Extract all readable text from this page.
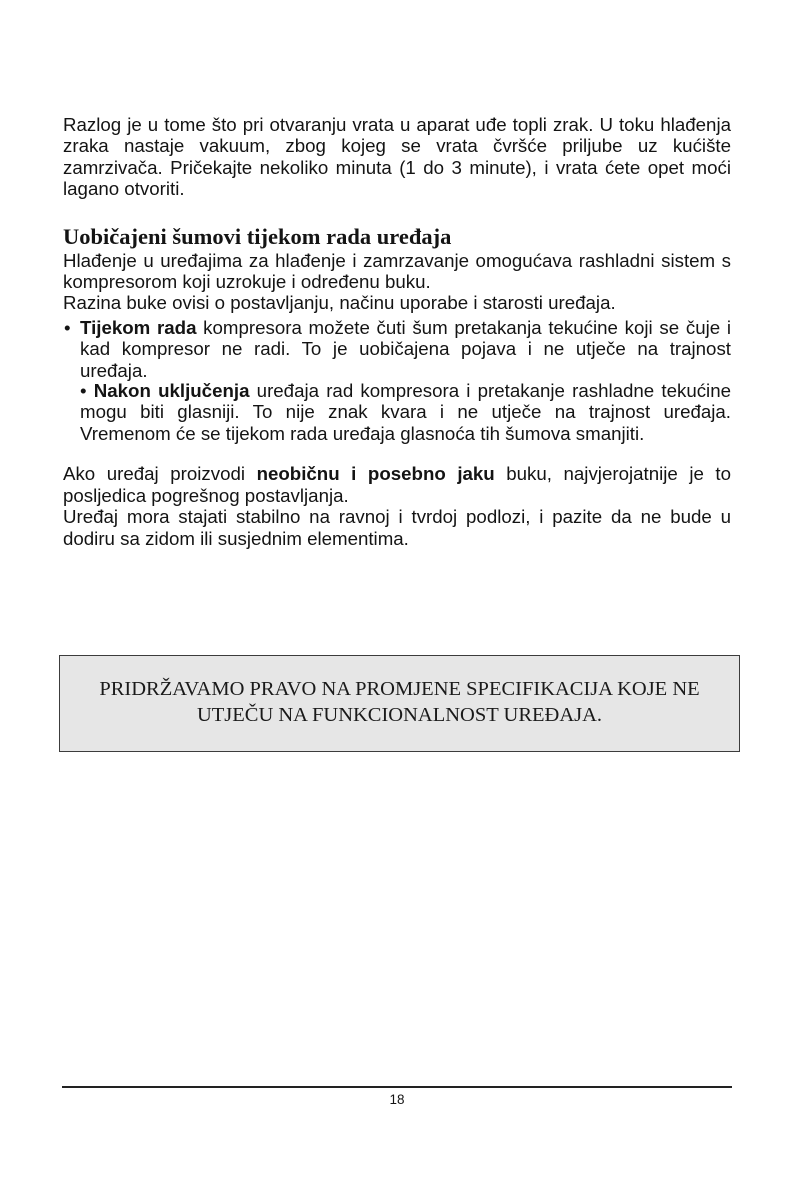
Razlog je u tome što pri otvaranju vrata u aparat uđe topli zrak. U toku hlađenja
zraka nastaje vakuum, zbog kojeg se vrata čvršće priljube uz kućište
zamrzivača. Pričekajte nekoliko minuta (1 do 3 minute), i vrata ćete opet moći
lagano otvoriti.
Uobičajeni šumovi tijekom rada uređaja
Hlađenje u uređajima za hlađenje i zamrzavanje omogućava rashladni sistem s
kompresorom koji uzrokuje i određenu buku.
Razina buke ovisi o postavljanju, načinu uporabe i starosti uređaja.
• Tijekom rada kompresora možete čuti šum pretakanja tekućine koji se čuje i
kad kompresor ne radi. To je uobičajena pojava i ne utječe na trajnost
uređaja.
• Nakon uključenja uređaja rad kompresora i pretakanje rashladne tekućine
mogu biti glasniji. To nije znak kvara i ne utječe na trajnost uređaja.
Vremenom će se tijekom rada uređaja glasnoća tih šumova smanjiti.
Ako uređaj proizvodi neobičnu i posebno jaku buku, najvjerojatnije je to
posljedica pogrešnog postavljanja.
Uređaj mora stajati stabilno na ravnoj i tvrdoj podlozi, i pazite da ne bude u
dodiru sa zidom ili susjednim elementima.
PRIDRŽAVAMO PRAVO NA PROMJENE SPECIFIKACIJA KOJE NE UTJEČU NA FUNKCIONALNOST UREĐAJA.
18
